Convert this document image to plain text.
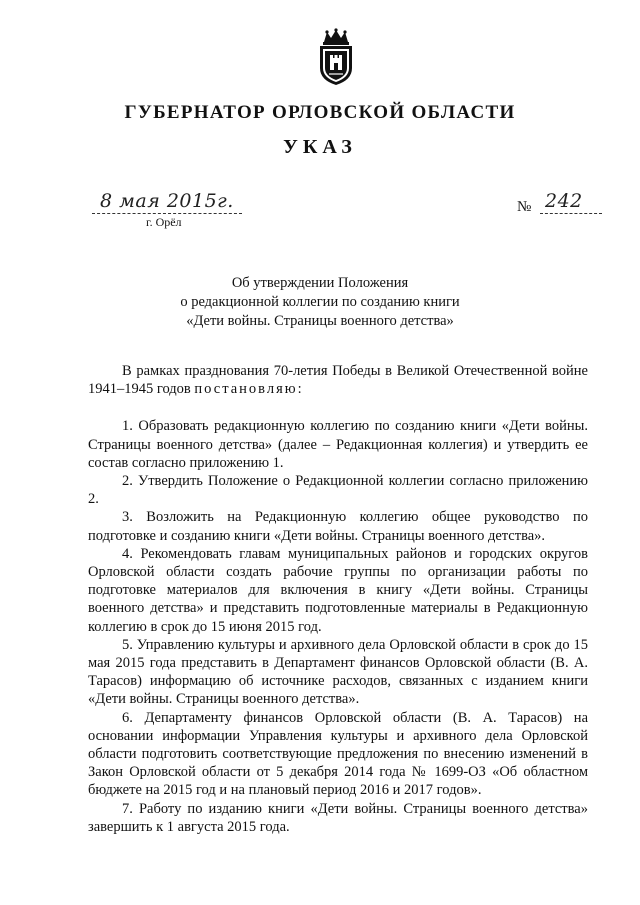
ГУБЕРНАТОР ОРЛОВСКОЙ ОБЛАСТИ
УКАЗ
8 мая 2015г.
г. Орёл
№ 242
Об утверждении Положения
о редакционной коллегии по созданию книги
«Дети войны. Страницы военного детства»

В рамках празднования 70-летия Победы в Великой Отечественной войне 1941–1945 годов постановляю:

1. Образовать редакционную коллегию по созданию книги «Дети войны. Страницы военного детства» (далее – Редакционная коллегия) и утвердить ее состав согласно приложению 1.

2. Утвердить Положение о Редакционной коллегии согласно приложению 2.

3. Возложить на Редакционную коллегию общее руководство по подготовке и созданию книги «Дети войны. Страницы военного детства».

4. Рекомендовать главам муниципальных районов и городских округов Орловской области создать рабочие группы по организации работы по подготовке материалов для включения в книгу «Дети войны. Страницы военного детства» и представить подготовленные материалы в Редакционную коллегию в срок до 15 июня 2015 год.

5. Управлению культуры и архивного дела Орловской области в срок до 15 мая 2015 года представить в Департамент финансов Орловской области (В. А. Тарасов) информацию об источнике расходов, связанных с изданием книги «Дети войны. Страницы военного детства».

6. Департаменту финансов Орловской области (В. А. Тарасов) на основании информации Управления культуры и архивного дела Орловской области подготовить соответствующие предложения по внесению изменений в Закон Орловской области от 5 декабря 2014 года № 1699-ОЗ «Об областном бюджете на 2015 год и на плановый период 2016 и 2017 годов».

7. Работу по изданию книги «Дети войны. Страницы военного детства» завершить к 1 августа 2015 года.
